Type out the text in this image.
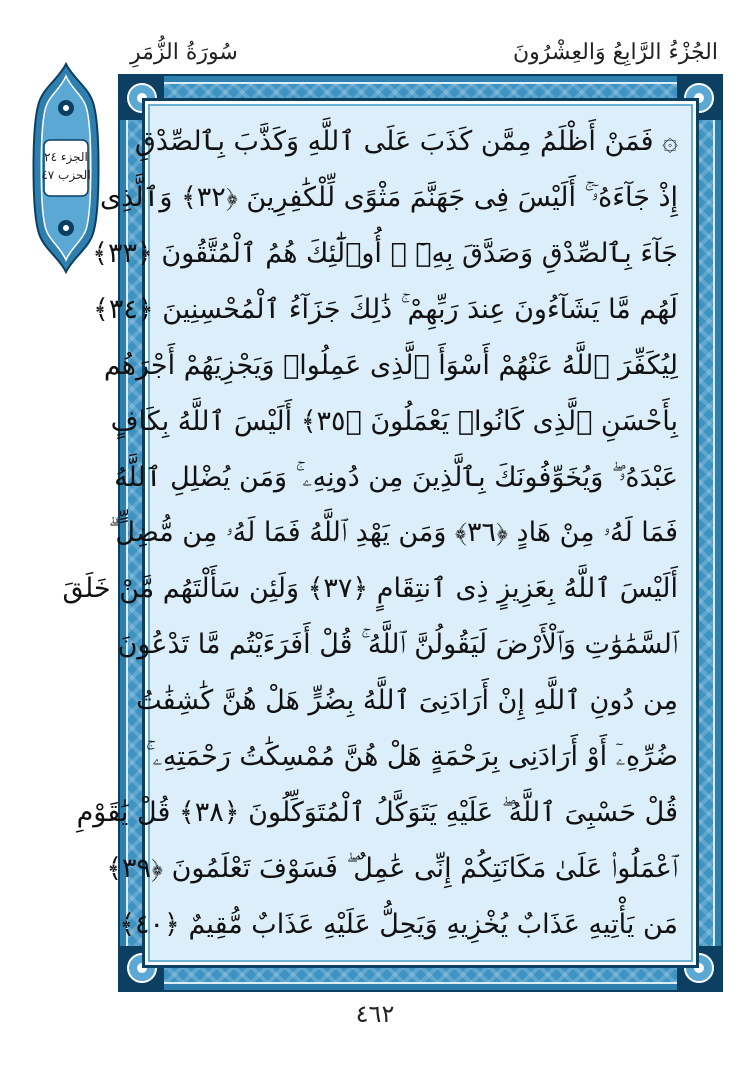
سُورَةُ الزُّمَرِ	الجُزْءُ الرَّابِعُ وَالعِشْرُونَ
الجزء ٢٤
الحزب ٤٧
۞ فَمَنْ أَظْلَمُ مِمَّن كَذَبَ عَلَى ٱللَّهِ وَكَذَّبَ بِٱلصِّدْقِ
إِذْ جَآءَهُۥٓ ۚ أَلَيْسَ فِى جَهَنَّمَ مَثْوًى لِّلْكَٰفِرِينَ ﴿٣٢﴾ وَٱلَّذِى
جَآءَ بِٱلصِّدْقِ وَصَدَّقَ بِهِۦٓ ۙ أُو۟لَٰٓئِكَ هُمُ ٱلْمُتَّقُونَ ﴿٣٣﴾
لَهُم مَّا يَشَآءُونَ عِندَ رَبِّهِمْ ۚ ذَٰلِكَ جَزَآءُ ٱلْمُحْسِنِينَ ﴿٣٤﴾
لِيُكَفِّرَ ٱللَّهُ عَنْهُمْ أَسْوَأَ ٱلَّذِى عَمِلُوا۟ وَيَجْزِيَهُمْ أَجْرَهُم
بِأَحْسَنِ ٱلَّذِى كَانُوا۟ يَعْمَلُونَ ﴿٣٥﴾ أَلَيْسَ ٱللَّهُ بِكَافٍ
عَبْدَهُۥ ۖ وَيُخَوِّفُونَكَ بِٱلَّذِينَ مِن دُونِهِۦ ۚ وَمَن يُضْلِلِ ٱللَّهُ
فَمَا لَهُۥ مِنْ هَادٍ ﴿٣٦﴾ وَمَن يَهْدِ ٱللَّهُ فَمَا لَهُۥ مِن مُّضِلٍّ ۗ
أَلَيْسَ ٱللَّهُ بِعَزِيزٍ ذِى ٱنتِقَامٍ ﴿٣٧﴾ وَلَئِن سَأَلْتَهُم مَّنْ خَلَقَ
ٱلسَّمَٰوَٰتِ وَٱلْأَرْضَ لَيَقُولُنَّ ٱللَّهُ ۚ قُلْ أَفَرَءَيْتُم مَّا تَدْعُونَ
مِن دُونِ ٱللَّهِ إِنْ أَرَادَنِىَ ٱللَّهُ بِضُرٍّ هَلْ هُنَّ كَٰشِفَٰتُ
ضُرِّهِۦٓ أَوْ أَرَادَنِى بِرَحْمَةٍ هَلْ هُنَّ مُمْسِكَٰتُ رَحْمَتِهِۦ ۚ
قُلْ حَسْبِىَ ٱللَّهُ ۖ عَلَيْهِ يَتَوَكَّلُ ٱلْمُتَوَكِّلُونَ ﴿٣٨﴾ قُلْ يَٰقَوْمِ
ٱعْمَلُوا۟ عَلَىٰ مَكَانَتِكُمْ إِنِّى عَٰمِلٌ ۖ فَسَوْفَ تَعْلَمُونَ ﴿٣٩﴾
مَن يَأْتِيهِ عَذَابٌ يُخْزِيهِ وَيَحِلُّ عَلَيْهِ عَذَابٌ مُّقِيمٌ ﴿٤٠﴾
٤٦٢
